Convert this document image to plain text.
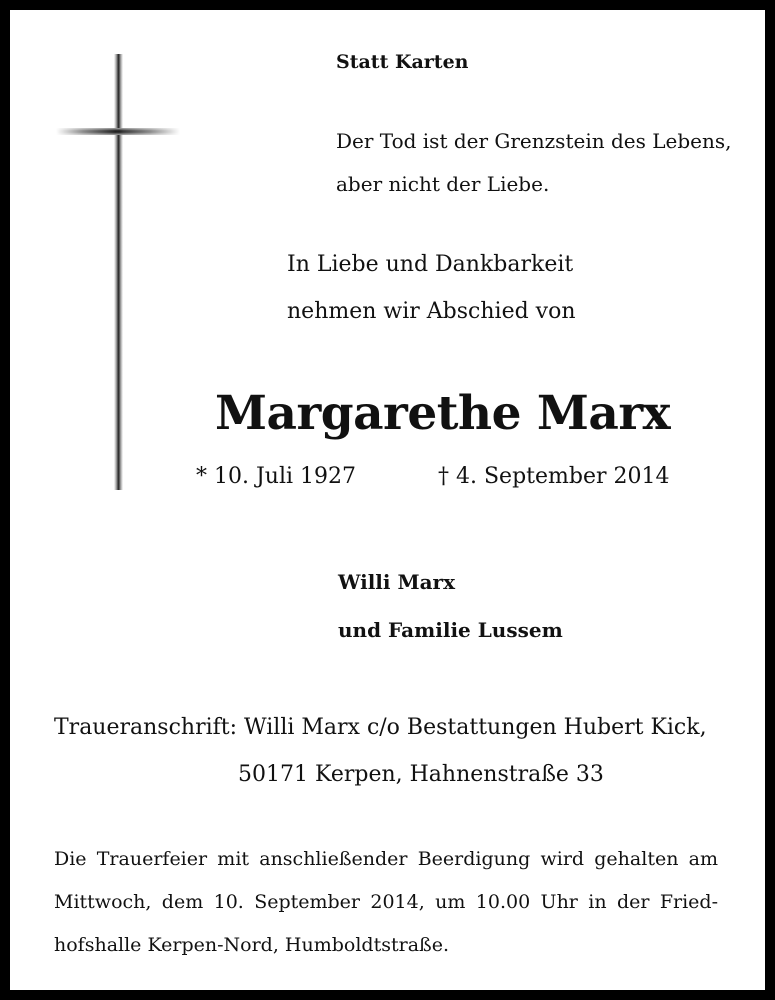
Statt Karten
Der Tod ist der Grenzstein des Lebens,
aber nicht der Liebe.
In Liebe und Dankbarkeit
nehmen wir Abschied von
Margarethe Marx
* 10. Juli 1927	† 4. September 2014
Willi Marx
und Familie Lussem
Traueranschrift: Willi Marx c/o Bestattungen Hubert Kick,
50171 Kerpen, Hahnenstraße 33
Die Trauerfeier mit anschließender Beerdigung wird gehalten am
Mittwoch, dem 10. September 2014, um 10.00 Uhr in der Fried-
hofshalle Kerpen-Nord, Humboldtstraße.
